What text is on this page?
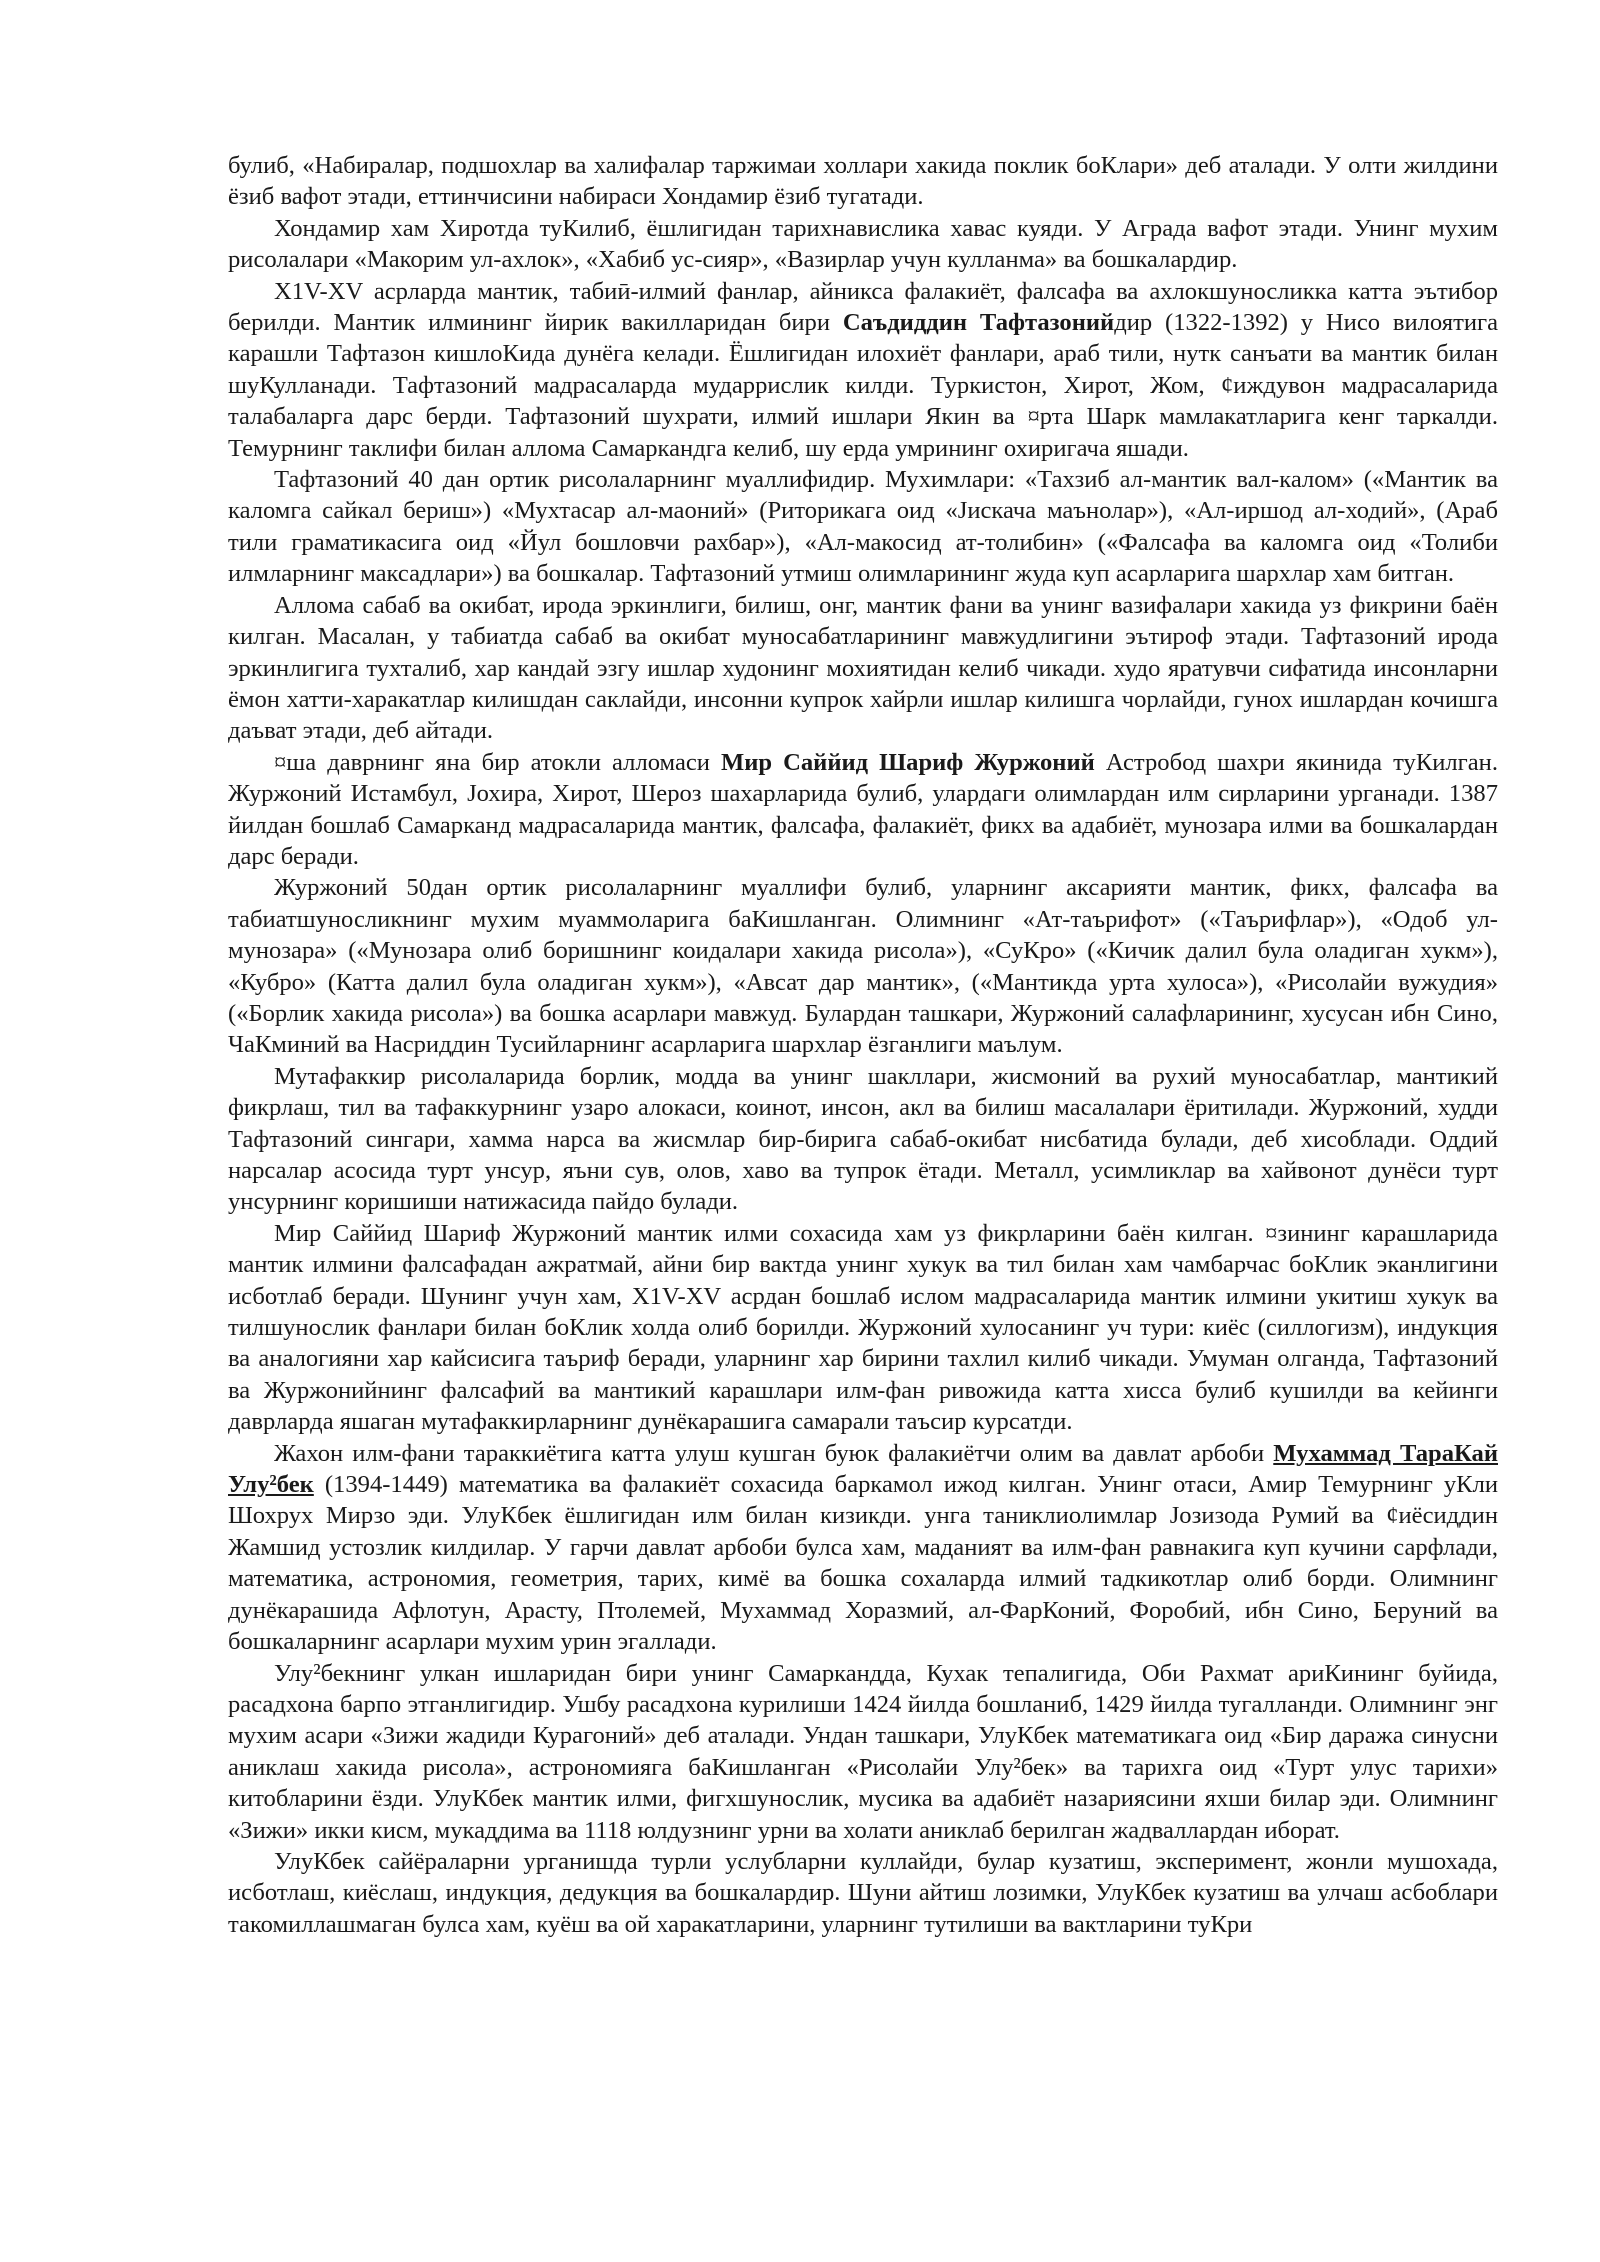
булиб, «Набиралар, подшохлар ва халифалар таржимаи холлари хакида поклик боКлари» деб аталади. У олти жилдини ёзиб вафот этади, еттинчисини набираси Хондамир ёзиб тугатади.

Хондамир хам Хиротда туКилиб, ёшлигидан тарихнавислика хавас куяди. У Аграда вафот этади. Унинг мухим рисолалари «Макорим ул-ахлок», «Хабиб ус-сияр», «Вазирлар учун кулланма» ва бошкалардир.

X1V-XV асрларда мантик, табиӣ-илмий фанлар, айникса фалакиёт, фалсафа ва ахлокшуносликка катта эътибор берилди. Мантик илмининг йирик вакилларидан бири Саъдиддин Тафтазонийдир (1322-1392) у Нисо вилоятига карашли Тафтазон кишлоКида дунёга келади. Ёшлигидан илохиёт фанлари, араб тили, нутк санъати ва мантик билан шуКулланади. Тафтазоний мадрасаларда мударрислик килди. Туркистон, Хирот, Жом, ¢иждувон мадрасаларида талабаларга дарс берди. Тафтазоний шухрати, илмий ишлари Якин ва ¤рта Шарк мамлакатларига кенг таркалди. Темурнинг таклифи билан аллома Самаркандга келиб, шу ерда умрининг охиригача яшади.

Тафтазоний 40 дан ортик рисолаларнинг муаллифидир. Мухимлари: «Тахзиб ал-мантик вал-калом» («Мантик ва каломга сайкал бериш») «Мухтасар ал-маоний» (Риторикага оид «Јискача маънолар»), «Ал-иршод ал-ходий», (Араб тили граматикасига оид «Йул бошловчи рахбар»), «Ал-макосид ат-толибин» («Фалсафа ва каломга оид «Толиби илмларнинг максадлари») ва бошкалар. Тафтазоний утмиш олимларининг жуда куп асарларига шархлар хам битган.

Аллома сабаб ва окибат, ирода эркинлиги, билиш, онг, мантик фани ва унинг вазифалари хакида уз фикрини баён килган. Масалан, у табиатда сабаб ва окибат муносабатларининг мавжудлигини эътироф этади. Тафтазоний ирода эркинлигига тухталиб, хар кандай эзгу ишлар худонинг мохиятидан келиб чикади. худо яратувчи сифатида инсонларни ёмон хатти-харакатлар килишдан саклайди, инсонни купрок хайрли ишлар килишга чорлайди, гунох ишлардан кочишга даъват этади, деб айтади.

¤ша даврнинг яна бир атокли алломаси Мир Саййид Шариф Журжоний Астробод шахри якинида туКилган. Журжоний Истамбул, Јохира, Хирот, Шероз шахарларида булиб, улардаги олимлардан илм сирларини урганади. 1387 йилдан бошлаб Самарканд мадрасаларида мантик, фалсафа, фалакиёт, фикх ва адабиёт, мунозара илми ва бошкалардан дарс беради.

Журжоний 50дан ортик рисолаларнинг муаллифи булиб, уларнинг аксарияти мантик, фикх, фалсафа ва табиатшуносликнинг мухим муаммоларига баКишланган. Олимнинг «Ат-таърифот» («Таърифлар»), «Одоб ул-мунозара» («Мунозара олиб боришнинг коидалари хакида рисола»), «СуКро» («Кичик далил була оладиган хукм»), «Кубро» (Катта далил була оладиган хукм»), «Авсат дар мантик», («Мантикда урта хулоса»), «Рисолайи вужудия» («Борлик хакида рисола») ва бошка асарлари мавжуд. Булардан ташкари, Журжоний салафларининг, хусусан ибн Сино, ЧаКминий ва Насриддин Тусийларнинг асарларига шархлар ёзганлиги маълум.

Мутафаккир рисолаларида борлик, модда ва унинг шакллари, жисмоний ва рухий муносабатлар, мантикий фикрлаш, тил ва тафаккурнинг узаро алокаси, коинот, инсон, акл ва билиш масалалари ёритилади. Журжоний, худди Тафтазоний сингари, хамма нарса ва жисмлар бир-бирига сабаб-окибат нисбатида булади, деб хисоблади. Оддий нарсалар асосида турт унсур, яъни сув, олов, хаво ва тупрок ётади. Металл, усимликлар ва хайвонот дунёси турт унсурнинг коришиши натижасида пайдо булади.

Мир Саййид Шариф Журжоний мантик илми сохасида хам уз фикрларини баён килган. ¤зининг карашларида мантик илмини фалсафадан ажратмай, айни бир вактда унинг хукук ва тил билан хам чамбарчас боКлик эканлигини исботлаб беради. Шунинг учун хам, X1V-XV асрдан бошлаб ислом мадрасаларида мантик илмини укитиш хукук ва тилшунослик фанлари билан боКлик холда олиб борилди. Журжоний хулосанинг уч тури: киёс (силлогизм), индукция ва аналогияни хар кайсисига таъриф беради, уларнинг хар бирини тахлил килиб чикади. Умуман олганда, Тафтазоний ва Журжонийнинг фалсафий ва мантикий карашлари илм-фан ривожида катта хисса булиб кушилди ва кейинги даврларда яшаган мутафаккирларнинг дунёкарашига самарали таъсир курсатди.

Жахон илм-фани тараккиётига катта улуш кушган буюк фалакиётчи олим ва давлат арбоби Мухаммад ТараКай Улу²бек (1394-1449) математика ва фалакиёт сохасида баркамол ижод килган. Унинг отаси, Амир Темурнинг уКли Шохрух Мирзо эди. УлуКбек ёшлигидан илм билан кизикди. унга таниклиолимлар Јозизода Румий ва ¢иёсиддин Жамшид устозлик килдилар. У гарчи давлат арбоби булса хам, маданият ва илм-фан равнакига куп кучини сарфлади, математика, астрономия, геометрия, тарих, кимё ва бошка сохаларда илмий тадкикотлар олиб борди. Олимнинг дунёкарашида Афлотун, Арасту, Птолемей, Мухаммад Хоразмий, ал-ФарКоний, Форобий, ибн Сино, Беруний ва бошкаларнинг асарлари мухим урин эгаллади.

Улу²бекнинг улкан ишларидан бири унинг Самаркандда, Кухак тепалигида, Оби Рахмат ариКининг буйида, расадхона барпо этганлигидир. Ушбу расадхона курилиши 1424 йилда бошланиб, 1429 йилда тугалланди. Олимнинг энг мухим асари «Зижи жадиди Курагоний» деб аталади. Ундан ташкари, УлуКбек математикага оид «Бир даража синусни аниклаш хакида рисола», астрономияга баКишланган «Рисолайи Улу²бек» ва тарихга оид «Турт улус тарихи» китобларини ёзди. УлуКбек мантик илми, фигхшунослик, мусика ва адабиёт назариясини яхши билар эди. Олимнинг «Зижи» икки кисм, мукаддима ва 1118 юлдузнинг урни ва холати аниклаб берилган жадваллардан иборат.

УлуКбек сайёраларни урганишда турли услубларни куллайди, булар кузатиш, эксперимент, жонли мушохада, исботлаш, киёслаш, индукция, дедукция ва бошкалардир. Шуни айтиш лозимки, УлуКбек кузатиш ва улчаш асбоблари такомиллашмаган булса хам, куёш ва ой харакатларини, уларнинг тутилиши ва вактларини туКри
